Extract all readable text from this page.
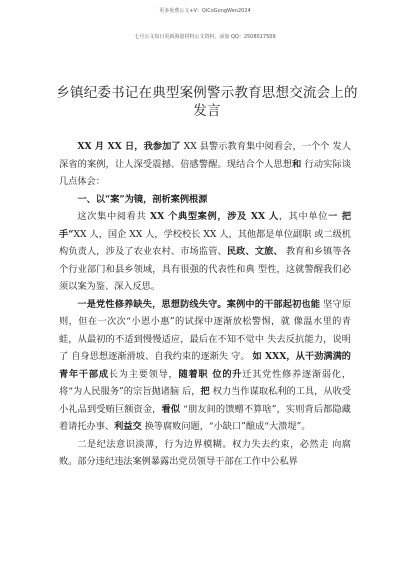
更多免费公文+V：QiCoGongWen2024
七号公文每日更新海量材料公文资料，添加 QQ：2508017509
乡镇纪委书记在典型案例警示教育思想交流会上的发言

XX 月 XX 日，我参加了 XX 县警示教育集中阅看会，一个个 发人深省的案例，让人深受震撼、倍感警醒。现结合个人思想和 行动实际谈几点体会：

一、以“案”为镜，剖析案例根源

这次集中阅看共 XX 个典型案例，涉及 XX 人，其中单位一 把手“XX 人，国企 XX 人，学校校长 XX 人，其他都是单位副职 或二级机构负责人，涉及了农业农村、市场监管、民政、文旅、 教育和乡镇等各个行业部门和县乡领域，具有很强的代表性和典 型性，这就警醒我们必须以案为鉴、深入反思。

一是党性修养缺失，思想防线失守。案例中的干部起初也能 坚守原则，但在一次次“小恩小惠”的试探中逐渐放松警惕，就 像温水里的青蛙，从最初的不适到慢慢适应，最后在不知不觉中 失去反抗能力，说明了 自身思想逐渐滑坡、自我约束的逐渐失 守。 如 XXX，从干劲满满的青年干部成长为主要领导，随着职 位的升迁其党性修养逐渐弱化，将“为人民服务”的宗旨抛诸脑 后，把 权力当作谋取私利的工具，从收受小礼品到受贿巨额资金，看似 “朋友间的馈赠不算啥”，实则背后都隐藏着请托办事、利益交 换等腐败问题，“小缺口”酿成“大溃堤”。

二是纪法意识淡薄，行为边界模糊。权力失去约束，必然走 向腐败。部分违纪违法案例暴露出党员领导干部在工作中公私界
